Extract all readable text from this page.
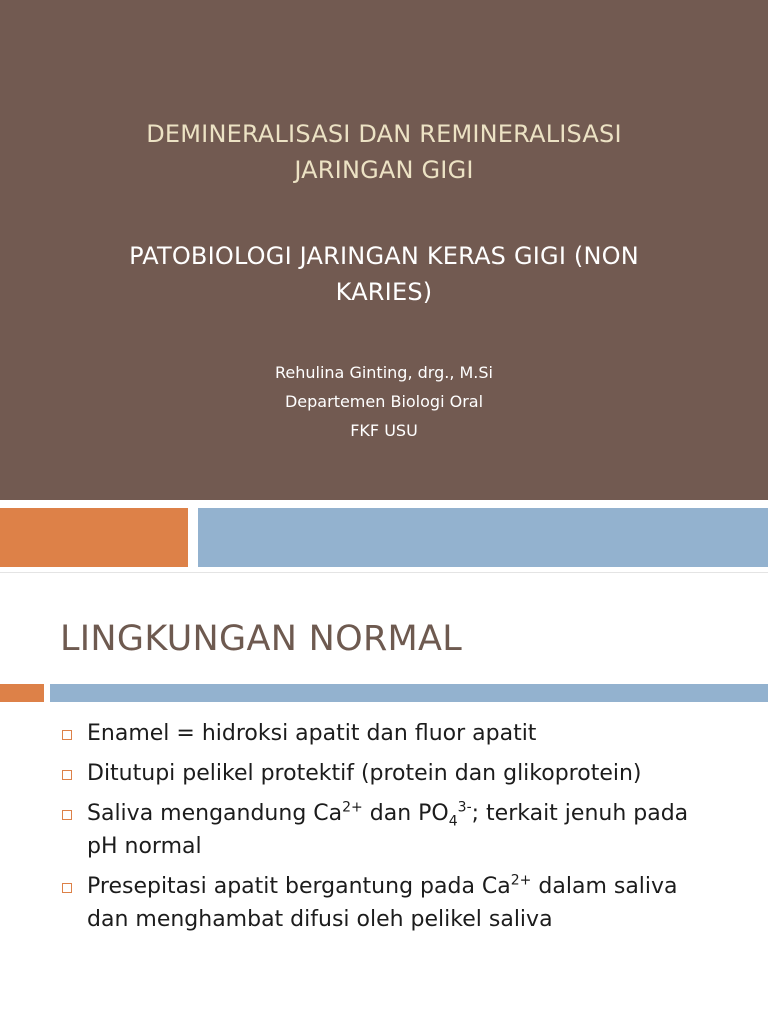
DEMINERALISASI DAN REMINERALISASI
JARINGAN GIGI
PATOBIOLOGI JARINGAN KERAS GIGI (NON
KARIES)
Rehulina Ginting, drg., M.Si
Departemen Biologi Oral
FKF USU
LINGKUNGAN NORMAL
Enamel = hidroksi apatit dan fluor apatit
Ditutupi pelikel protektif (protein dan glikoprotein)
Saliva mengandung $Ca^{2+}$ dan $PO_4^{3-}$; terkait jenuh pada pH normal
Presepitasi apatit bergantung pada $Ca^{2+}$ dalam saliva dan menghambat difusi oleh pelikel saliva
